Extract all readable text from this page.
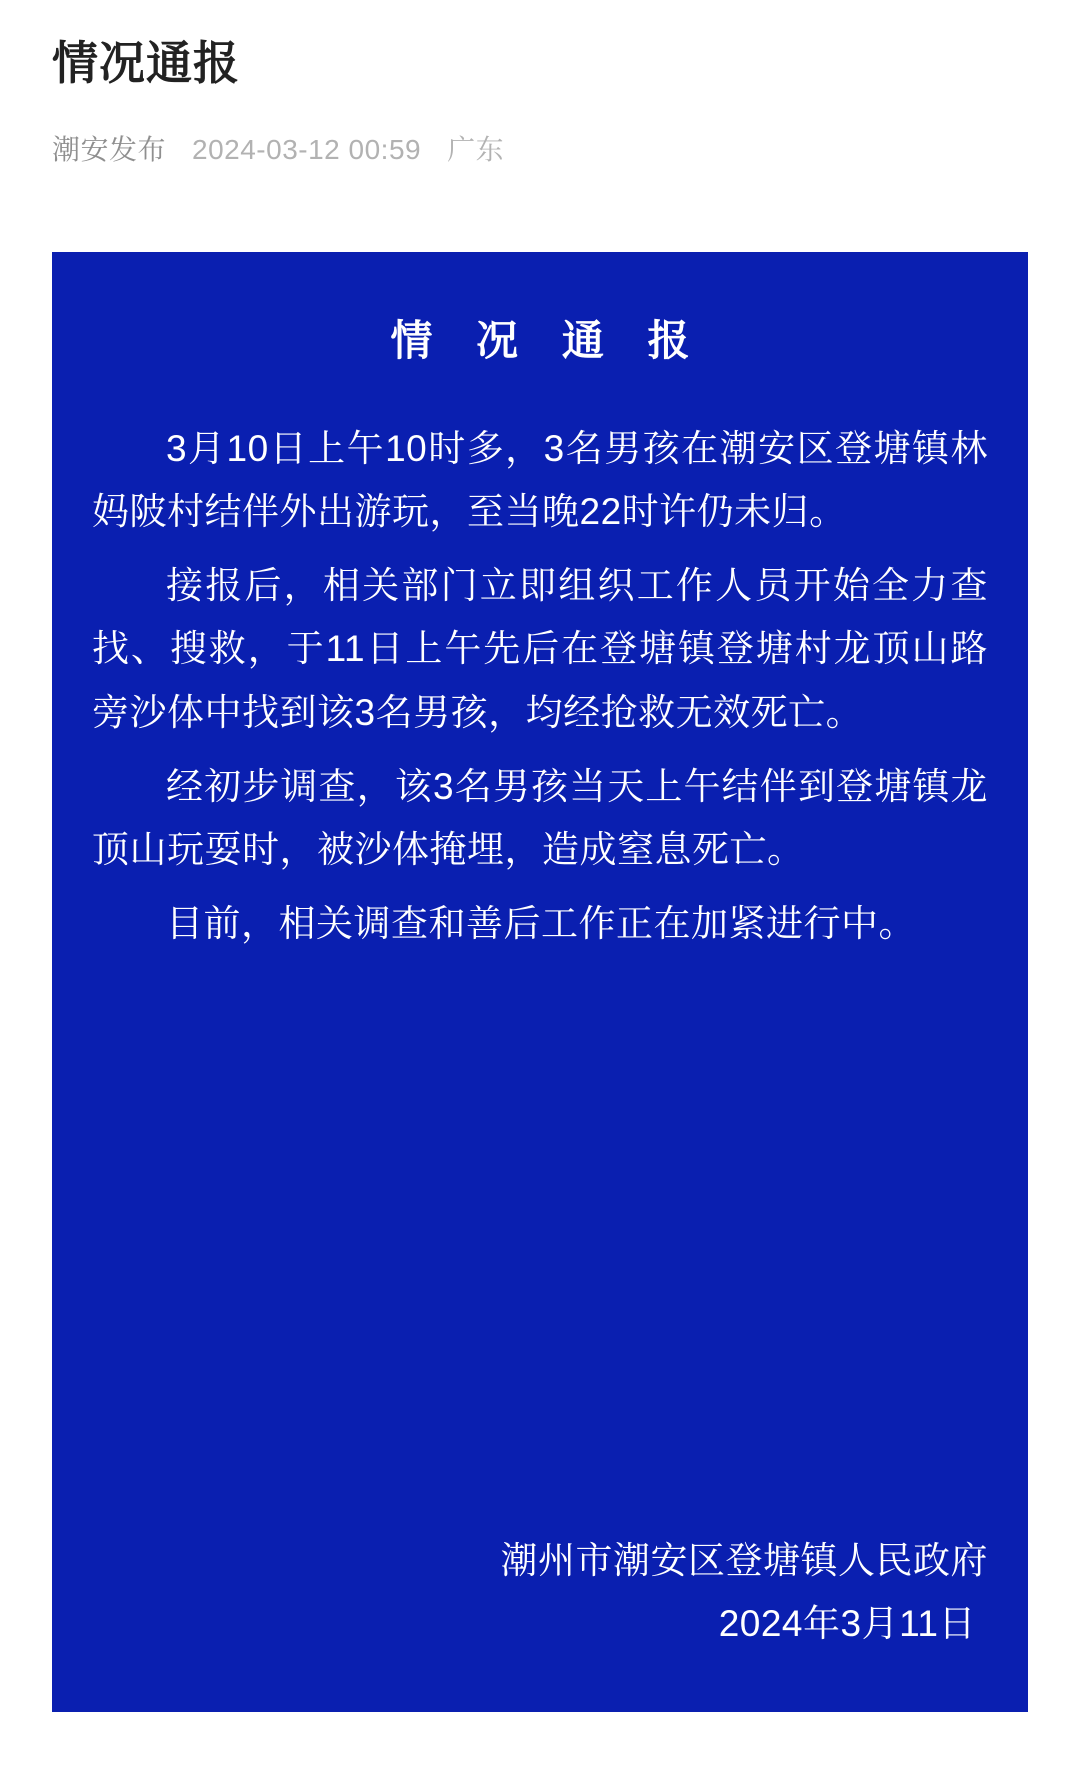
情况通报
潮安发布 2024-03-12 00:59 广东
情 况 通 报

3月10日上午10时多，3名男孩在潮安区登塘镇林妈陂村结伴外出游玩，至当晚22时许仍未归。

接报后，相关部门立即组织工作人员开始全力查找、搜救，于11日上午先后在登塘镇登塘村龙顶山路旁沙体中找到该3名男孩，均经抢救无效死亡。

经初步调查，该3名男孩当天上午结伴到登塘镇龙顶山玩耍时，被沙体掩埋，造成窒息死亡。

目前，相关调查和善后工作正在加紧进行中。

潮州市潮安区登塘镇人民政府
2024年3月11日
